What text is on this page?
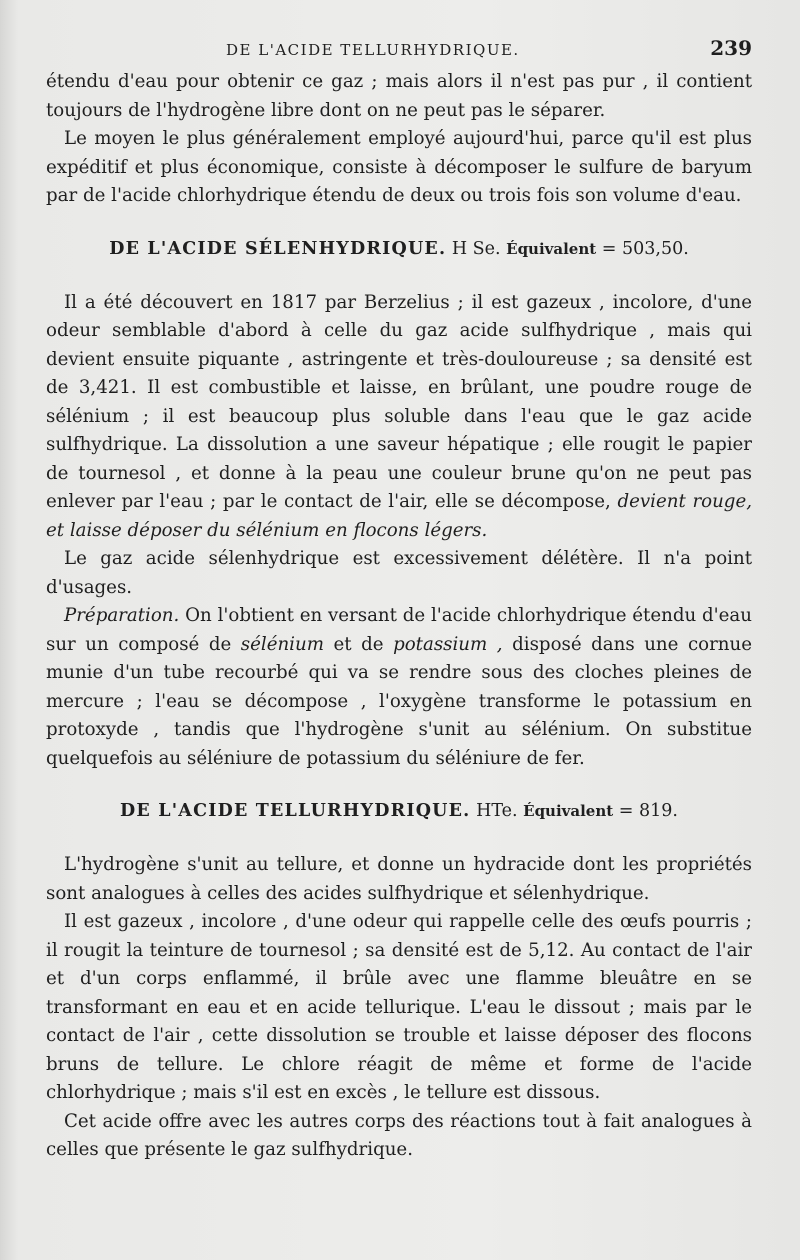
DE L'ACIDE TELLURHYDRIQUE.	239

étendu d'eau pour obtenir ce gaz ; mais alors il n'est pas pur , il contient toujours de l'hydrogène libre dont on ne peut pas le séparer.

Le moyen le plus généralement employé aujourd'hui, parce qu'il est plus expéditif et plus économique, consiste à décomposer le sulfure de baryum par de l'acide chlorhydrique étendu de deux ou trois fois son volume d'eau.

DE L'ACIDE SÉLENHYDRIQUE. H Se. Équivalent = 503,50.

Il a été découvert en 1817 par Berzelius ; il est gazeux , incolore, d'une odeur semblable d'abord à celle du gaz acide sulfhydrique , mais qui devient ensuite piquante , astringente et très-douloureuse ; sa densité est de 3,421. Il est combustible et laisse, en brûlant, une poudre rouge de sélénium ; il est beaucoup plus soluble dans l'eau que le gaz acide sulfhydrique. La dissolution a une saveur hépatique ; elle rougit le papier de tournesol , et donne à la peau une couleur brune qu'on ne peut pas enlever par l'eau ; par le contact de l'air, elle se décompose, devient rouge, et laisse déposer du sélénium en flocons légers.

Le gaz acide sélenhydrique est excessivement délétère. Il n'a point d'usages.

Préparation. On l'obtient en versant de l'acide chlorhydrique étendu d'eau sur un composé de sélénium et de potassium , disposé dans une cornue munie d'un tube recourbé qui va se rendre sous des cloches pleines de mercure ; l'eau se décompose , l'oxygène transforme le potassium en protoxyde , tandis que l'hydrogène s'unit au sélénium. On substitue quelquefois au séléniure de potassium du séléniure de fer.

DE L'ACIDE TELLURHYDRIQUE. HTe. Équivalent = 819.

L'hydrogène s'unit au tellure, et donne un hydracide dont les propriétés sont analogues à celles des acides sulfhydrique et sélenhydrique.

Il est gazeux , incolore , d'une odeur qui rappelle celle des œufs pourris ; il rougit la teinture de tournesol ; sa densité est de 5,12. Au contact de l'air et d'un corps enflammé, il brûle avec une flamme bleuâtre en se transformant en eau et en acide tellurique. L'eau le dissout ; mais par le contact de l'air , cette dissolution se trouble et laisse déposer des flocons bruns de tellure. Le chlore réagit de même et forme de l'acide chlorhydrique ; mais s'il est en excès , le tellure est dissous.

Cet acide offre avec les autres corps des réactions tout à fait analogues à celles que présente le gaz sulfhydrique.
